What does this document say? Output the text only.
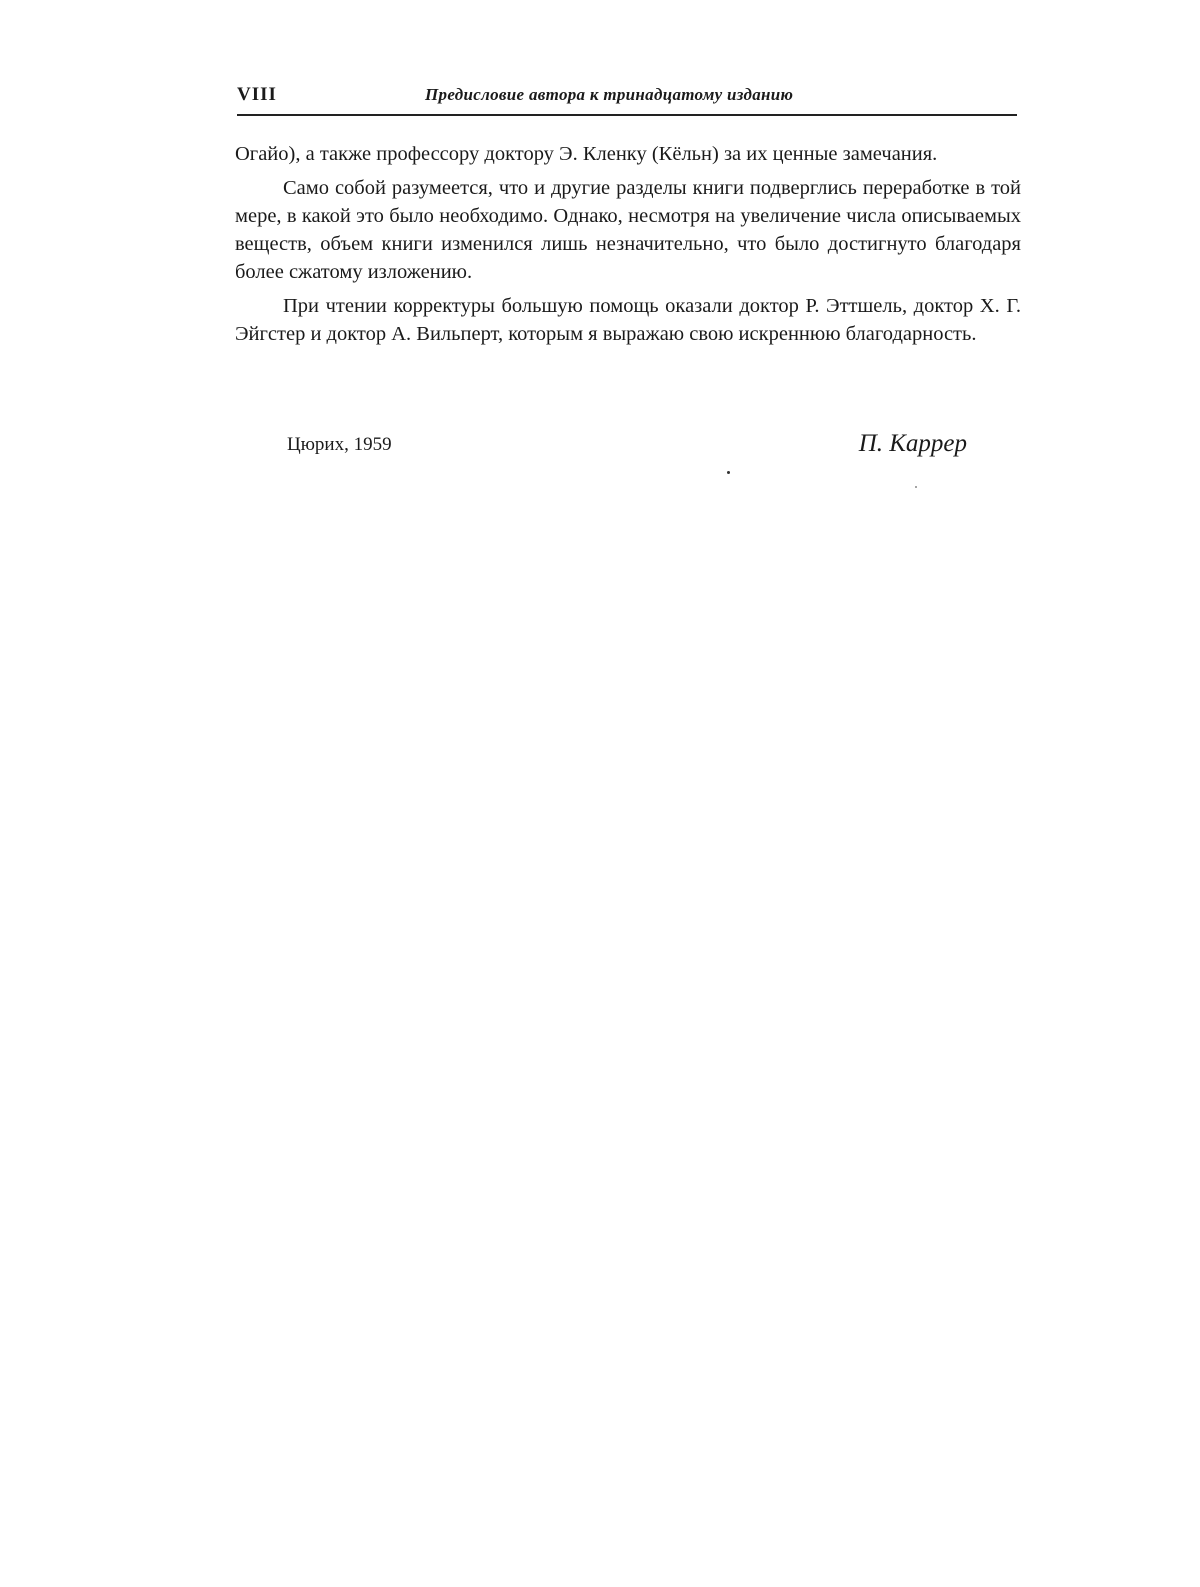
VIII	Предисловие автора к тринадцатому изданию

Огайо), а также профессору доктору Э. Кленку (Кёльн) за их ценные замечания.

Само собой разумеется, что и другие разделы книги подверглись переработке в той мере, в какой это было необходимо. Однако, несмотря на увеличение числа описываемых веществ, объем книги изменился лишь незначительно, что было достигнуто благодаря более сжатому изложению.

При чтении корректуры большую помощь оказали доктор Р. Эттшель, доктор Х. Г. Эйгстер и доктор А. Вильперт, которым я выражаю свою искреннюю благодарность.

Цюрих, 1959	П. Каррер
